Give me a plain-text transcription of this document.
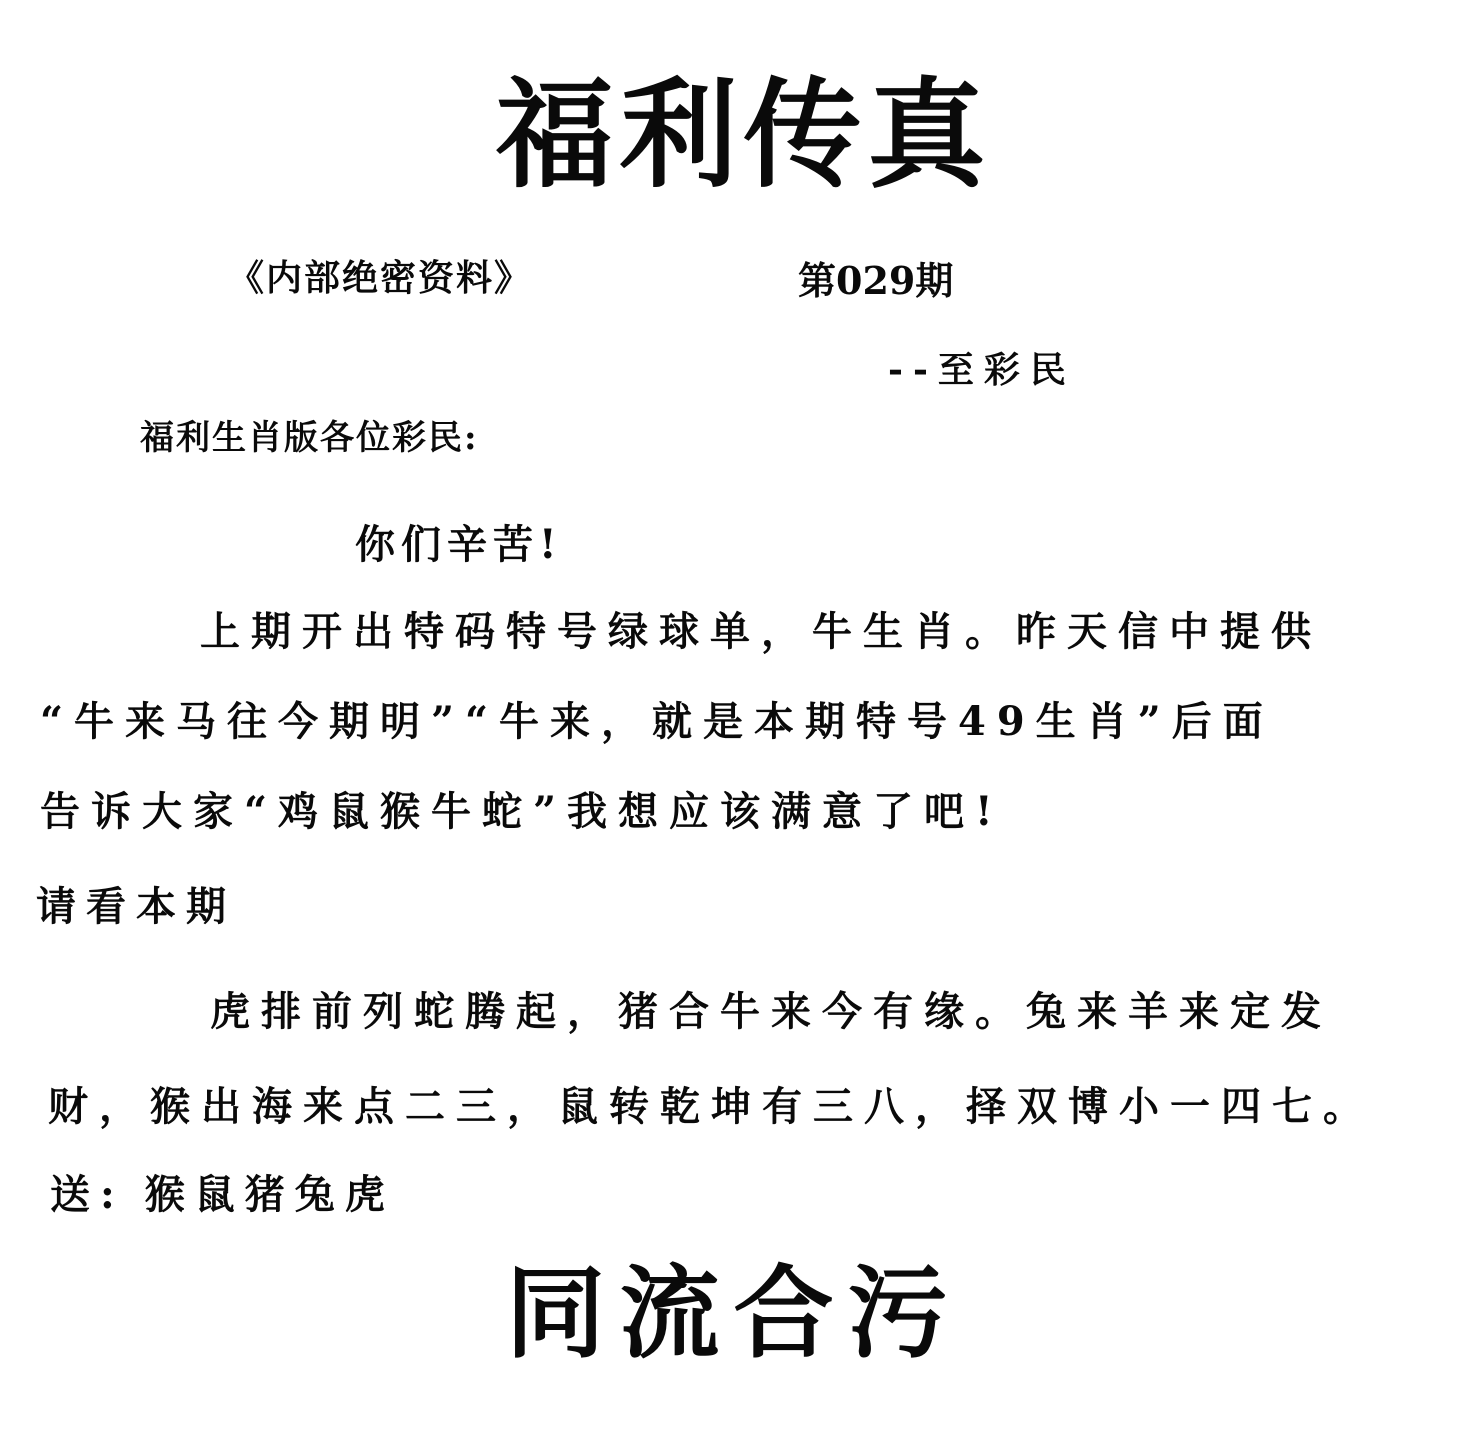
福利传真
《内部绝密资料》	第029期
--至彩民
福利生肖版各位彩民:
你们辛苦!
上期开出特码特号绿球单，牛生肖。昨天信中提供
“牛来马往今期明”“牛来，就是本期特号49生肖”后面
告诉大家“鸡鼠猴牛蛇”我想应该满意了吧!
请看本期
虎排前列蛇腾起，猪合牛来今有缘。兔来羊来定发
财，猴出海来点二三，鼠转乾坤有三八，择双博小一四七。
送: 猴鼠猪兔虎
同流合污
